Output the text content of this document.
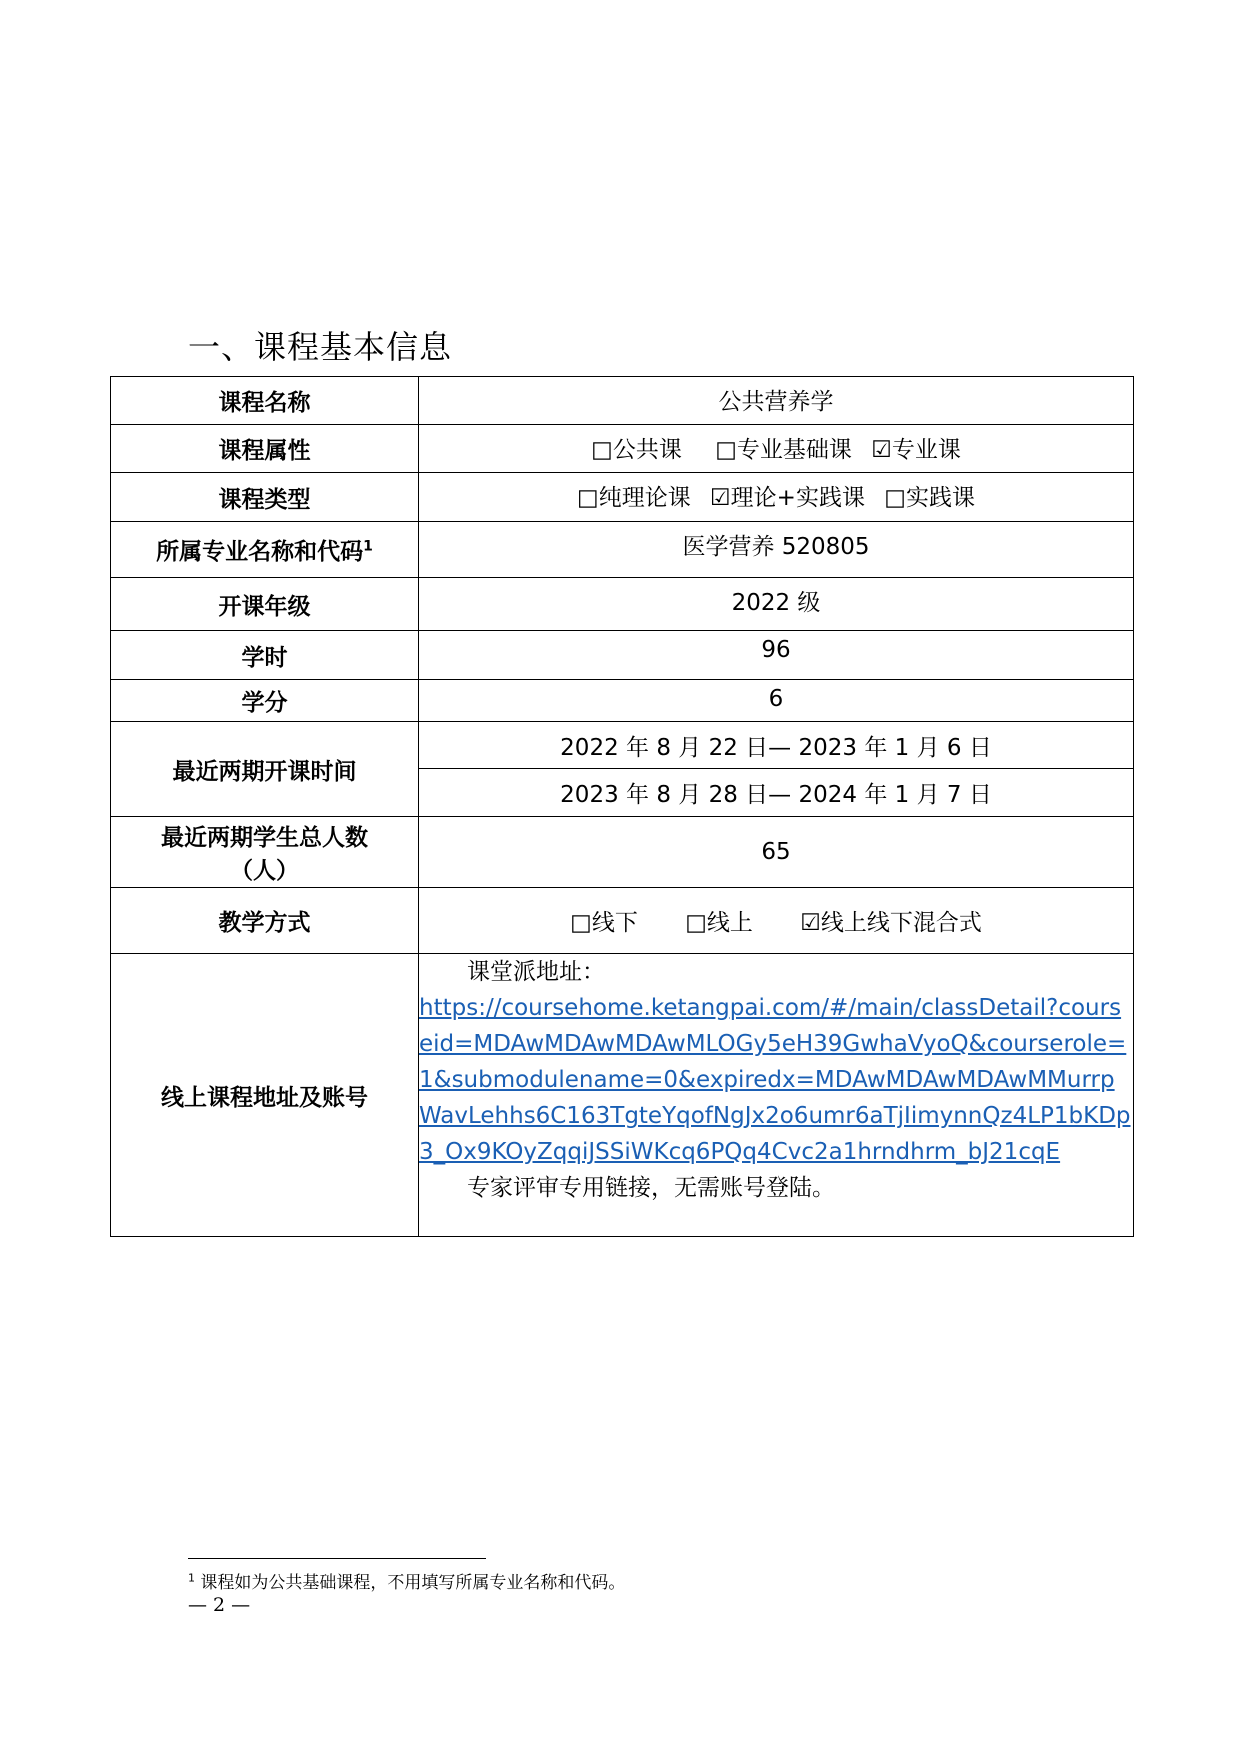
一、课程基本信息
课程名称	公共营养学
课程属性	□公共课 □专业基础课 ☑专业课
课程类型	□纯理论课 ☑理论+实践课 □实践课
所属专业名称和代码$^1$	医学营养 520805
开课年级	2022 级
学时	96
学分	6
最近两期开课时间	2022 年 8 月 22 日— 2023 年 1 月 6 日
	2023 年 8 月 28 日— 2024 年 1 月 7 日

最近两期学生总人数
（人）	65
教学方式	□线下 □线上 ☑线上线下混合式
线上课程地址及账号	课堂派地址：
https://coursehome.ketangpai.com/#/main/classDetail?courseid=MDAwMDAwMDAwMLOGy5eH39GwhaVyoQ&courserole=1&submodulename=0&expiredx=MDAwMDAwMDAwMMurrpWavLehhs6C163TgteYqofNgJx2o6umr6aTjIimynnQz4LP1bKDp3_Ox9KOyZqqiJSSiWKcq6PQq4Cvc2a1hrndhrm_bJ21cqE
专家评审专用链接，无需账号登陆。
$^1$ 课程如为公共基础课程，不用填写所属专业名称和代码。
— 2 —
